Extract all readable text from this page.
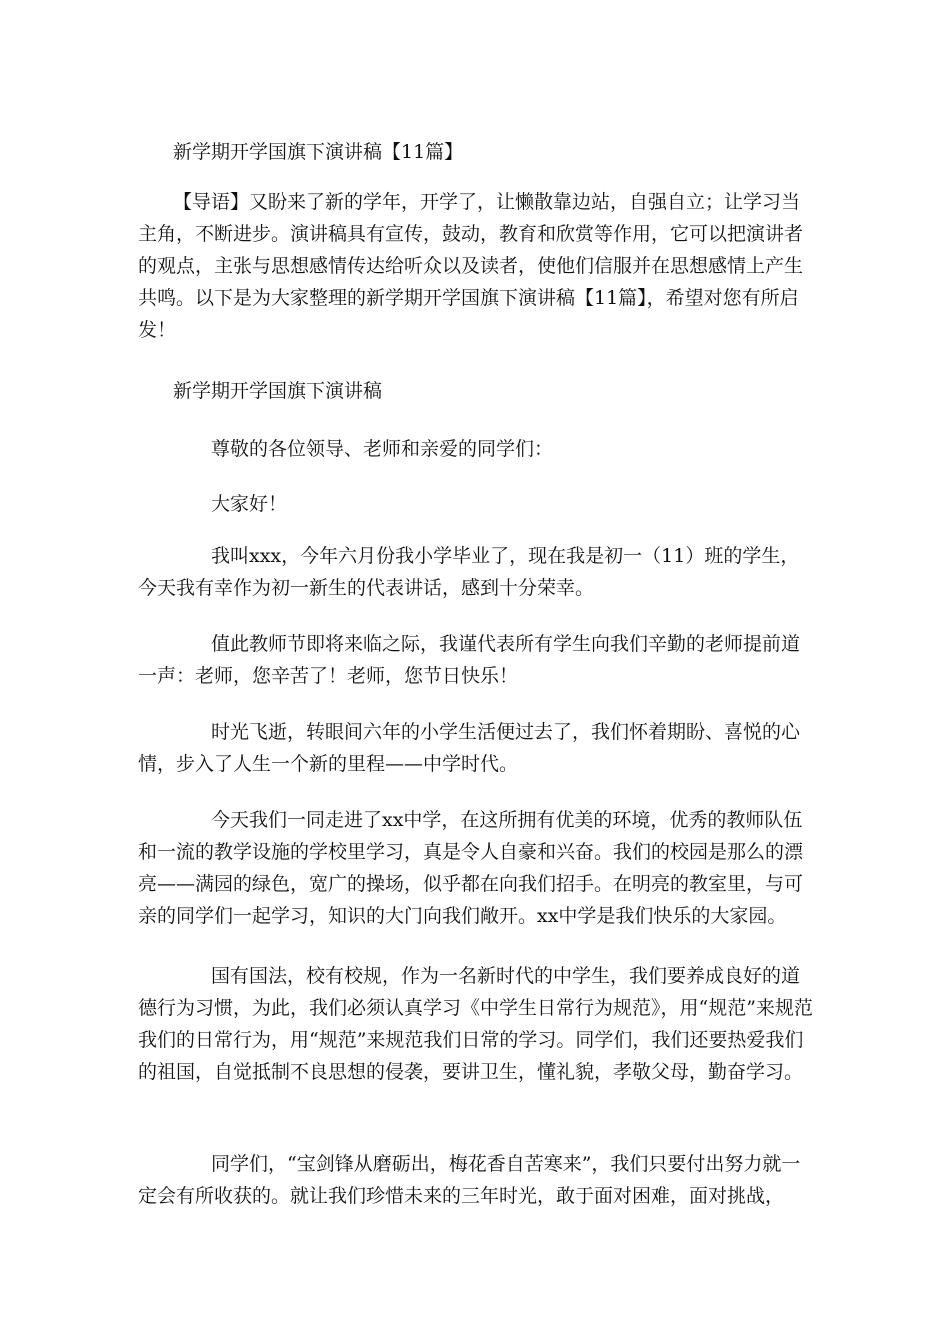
新学期开学国旗下演讲稿【11篇】
【导语】又盼来了新的学年，开学了，让懒散靠边站，自强自立；让学习当主角，不断进步。演讲稿具有宣传，鼓动，教育和欣赏等作用，它可以把演讲者的观点，主张与思想感情传达给听众以及读者，使他们信服并在思想感情上产生共鸣。以下是为大家整理的新学期开学国旗下演讲稿【11篇】，希望对您有所启发！
新学期开学国旗下演讲稿
尊敬的各位领导、老师和亲爱的同学们：
大家好！
我叫xxx，今年六月份我小学毕业了，现在我是初一（11）班的学生，今天我有幸作为初一新生的代表讲话，感到十分荣幸。
值此教师节即将来临之际，我谨代表所有学生向我们辛勤的老师提前道一声：老师，您辛苦了！老师，您节日快乐！
时光飞逝，转眼间六年的小学生活便过去了，我们怀着期盼、喜悦的心情，步入了人生一个新的里程——中学时代。
今天我们一同走进了xx中学，在这所拥有优美的环境，优秀的教师队伍和一流的教学设施的学校里学习，真是令人自豪和兴奋。我们的校园是那么的漂亮——满园的绿色，宽广的操场，似乎都在向我们招手。在明亮的教室里，与可亲的同学们一起学习，知识的大门向我们敞开。xx中学是我们快乐的大家园。
国有国法，校有校规，作为一名新时代的中学生，我们要养成良好的道德行为习惯，为此，我们必须认真学习《中学生日常行为规范》，用“规范”来规范我们的日常行为，用“规范”来规范我们日常的学习。同学们，我们还要热爱我们的祖国，自觉抵制不良思想的侵袭，要讲卫生，懂礼貌，孝敬父母，勤奋学习。
同学们，“宝剑锋从磨砺出，梅花香自苦寒来”，我们只要付出努力就一定会有所收获的。就让我们珍惜未来的三年时光，敢于面对困难，面对挑战，
